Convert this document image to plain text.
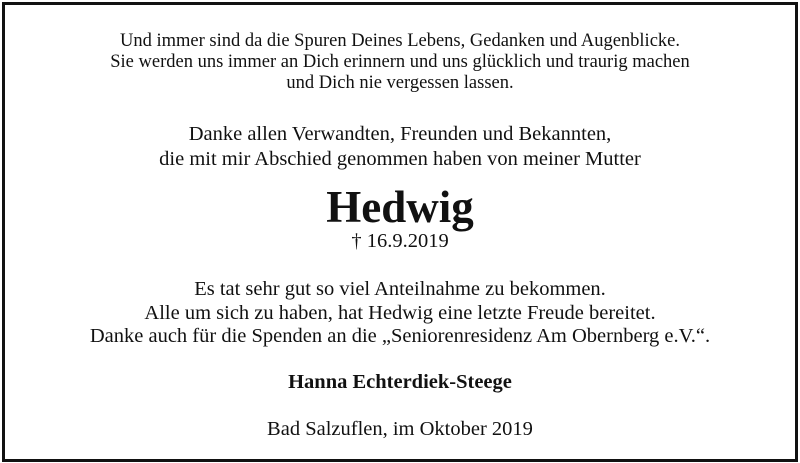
Und immer sind da die Spuren Deines Lebens, Gedanken und Augenblicke.
Sie werden uns immer an Dich erinnern und uns glücklich und traurig machen
und Dich nie vergessen lassen.
Danke allen Verwandten, Freunden und Bekannten,
die mit mir Abschied genommen haben von meiner Mutter
Hedwig
† 16.9.2019
Es tat sehr gut so viel Anteilnahme zu bekommen.
Alle um sich zu haben, hat Hedwig eine letzte Freude bereitet.
Danke auch für die Spenden an die „Seniorenresidenz Am Obernberg e.V.“.
Hanna Echterdiek-Steege
Bad Salzuflen, im Oktober 2019
